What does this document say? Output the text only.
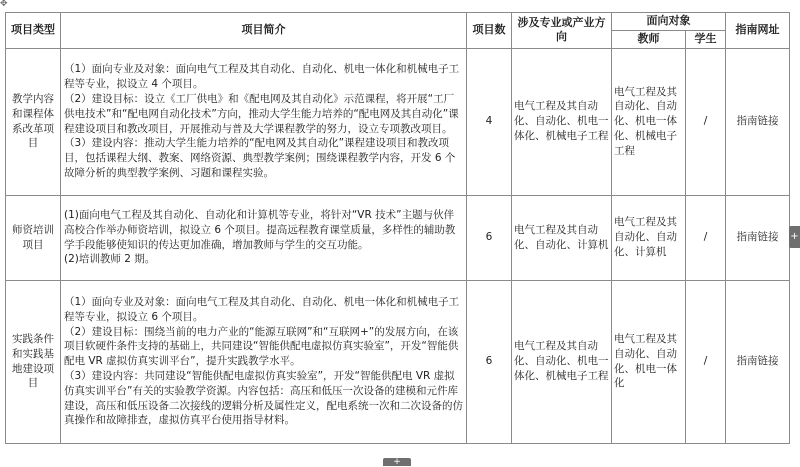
✥
项目类型	项目简介	项目数	涉及专业或产业方向	面向对象		指南网址
				教师	学生	
教学内容和课程体系改革项目	（1）面向专业及对象：面向电气工程及其自动化、自动化、机电一体化和机械电子工程等专业，拟设立 4 个项目。

（2）建设目标：设立《工厂供电》和《配电网及其自动化》示范课程，将开展“工厂供电技术”和“配电网自动化技术”方向，推动大学生能力培养的“配电网及其自动化”课程建设项目和教改项目，开展推动与普及大学课程教学的努力，设立专项教改项目。

（3）建设内容：推动大学生能力培养的“配电网及其自动化”课程建设项目和教改项目，包括课程大纲、教案、网络资源、典型教学案例；围绕课程教学内容，开发 6 个故障分析的典型教学案例、习题和课程实验。	4	电气工程及其自动化、自动化、机电一体化、机械电子工程	电气工程及其自动化、自动化、机电一体化、机械电子工程	/	指南链接
师资培训项目	(1)面向电气工程及其自动化、自动化和计算机等专业，将针对“VR 技术”主题与伙伴高校合作举办师资培训，拟设立 6 个项目。提高远程教育课堂质量，多样性的辅助教学手段能够使知识的传达更加准确，增加教师与学生的交互功能。

(2)培训教师 2 期。	6	电气工程及其自动化、自动化、计算机	电气工程及其自动化、自动化、计算机	/	指南链接
实践条件和实践基地建设项目	（1）面向专业及对象：面向电气工程及其自动化、自动化、机电一体化和机械电子工程等专业，拟设立 6 个项目。

（2）建设目标：围绕当前的电力产业的“能源互联网”和“互联网+”的发展方向，在该项目软硬件条件支持的基础上，共同建设“智能供配电虚拟仿真实验室”，开发“智能供配电 VR 虚拟仿真实训平台”，提升实践教学水平。

（3）建设内容：共同建设“智能供配电虚拟仿真实验室”，开发“智能供配电 VR 虚拟仿真实训平台”有关的实验教学资源。内容包括：高压和低压一次设备的建模和元件库建设，高压和低压设备二次接线的逻辑分析及属性定义，配电系统一次和二次设备的仿真操作和故障排查，虚拟仿真平台使用指导材料。	6	电气工程及其自动化、自动化、机电一体化、机械电子工程	电气工程及其自动化、自动化、机电一体化	/	指南链接
+
+
